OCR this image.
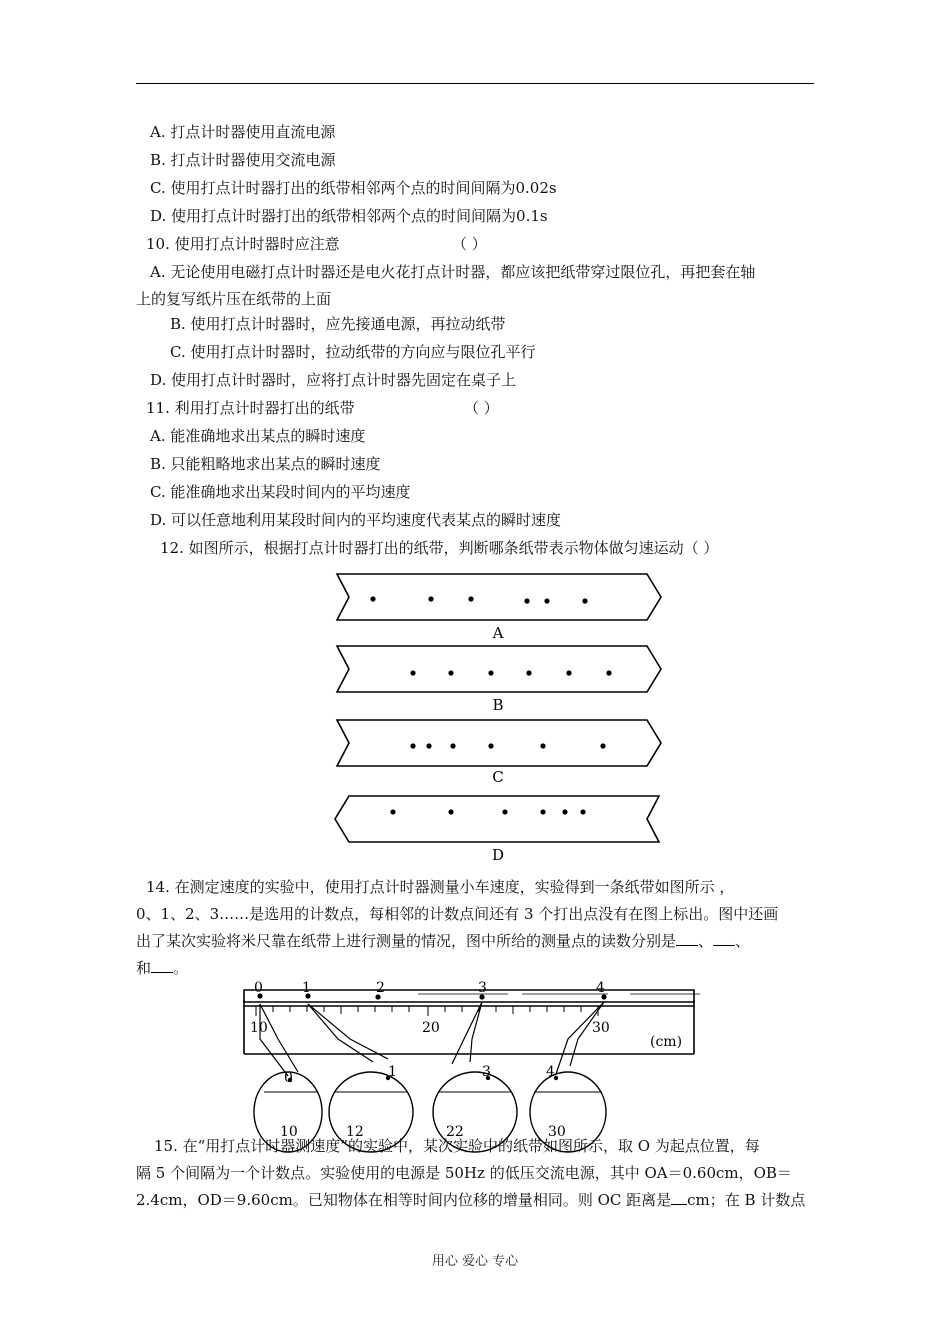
A. 打点计时器使用直流电源
B. 打点计时器使用交流电源
C. 使用打点计时器打出的纸带相邻两个点的时间间隔为0.02s
D. 使用打点计时器打出的纸带相邻两个点的时间间隔为0.1s
10. 使用打点计时器时应注意	（ ）
A. 无论使用电磁打点计时器还是电火花打点计时器，都应该把纸带穿过限位孔，再把套在轴
上的复写纸片压在纸带的上面
B. 使用打点计时器时，应先接通电源，再拉动纸带
C. 使用打点计时器时，拉动纸带的方向应与限位孔平行
D. 使用打点计时器时，应将打点计时器先固定在桌子上
11. 利用打点计时器打出的纸带	（ ）
A. 能准确地求出某点的瞬时速度
B. 只能粗略地求出某点的瞬时速度
C. 能准确地求出某段时间内的平均速度
D. 可以任意地利用某段时间内的平均速度代表某点的瞬时速度
12. 如图所示，根据打点计时器打出的纸带，判断哪条纸带表示物体做匀速运动（ ）
A
B
C
D
14. 在测定速度的实验中，使用打点计时器测量小车速度，实验得到一条纸带如图所示 ，
0、1、2、3……是选用的计数点，每相邻的计数点间还有 3 个打出点没有在图上标出。图中还画
出了某次实验将米尺靠在纸带上进行测量的情况，图中所给的测量点的读数分别是 、 、
和 。
0	1	2	3	4
10	20	30
(cm)
0
10
1
12
3
22
4
30
15. 在“用打点计时器测速度”的实验中，某次实验中的纸带如图所示，取 O 为起点位置，每
隔 5 个间隔为一个计数点。实验使用的电源是 50Hz 的低压交流电源，其中 OA＝0.60cm，OB＝
2.4cm，OD＝9.60cm。已知物体在相等时间内位移的增量相同。则 OC 距离是 cm；在 B 计数点
用心 爱心 专心
